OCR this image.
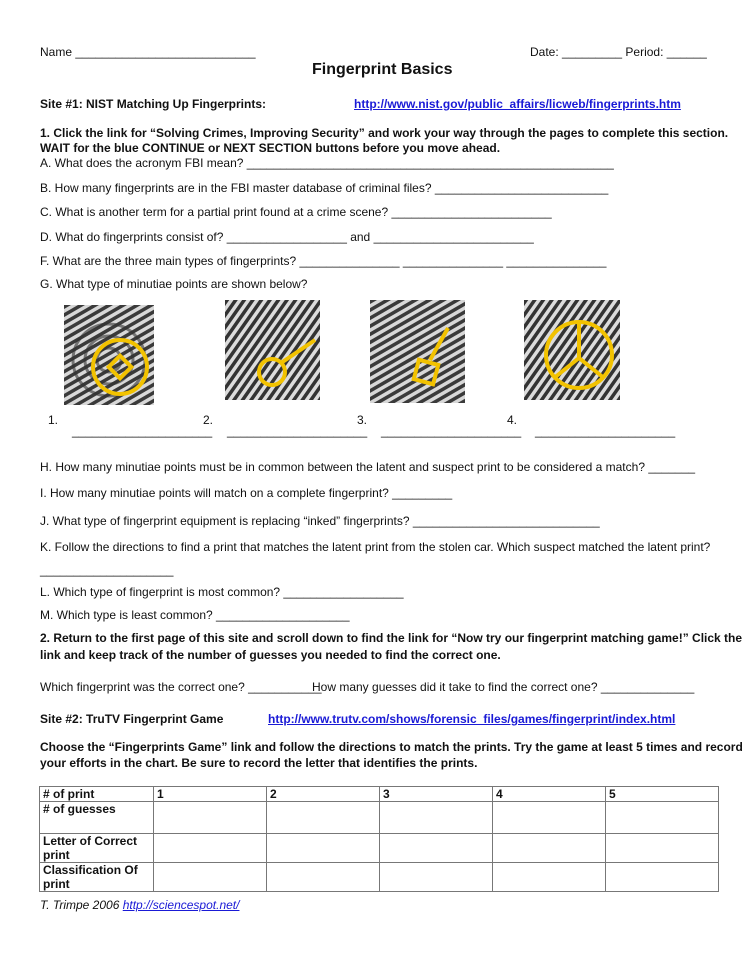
Name ___________________________	Date: _________ Period: ______
Fingerprint Basics
Site #1: NIST Matching Up Fingerprints:	http://www.nist.gov/public_affairs/licweb/fingerprints.htm
1. Click the link for “Solving Crimes, Improving Security” and work your way through the pages to complete this section.
WAIT for the blue CONTINUE or NEXT SECTION buttons before you move ahead.
A. What does the acronym FBI mean? _______________________________________________________
B. How many fingerprints are in the FBI master database of criminal files? __________________________
C. What is another term for a partial print found at a crime scene? ________________________
D. What do fingerprints consist of? __________________ and ________________________
F. What are the three main types of fingerprints? _______________ _______________ _______________
G. What type of minutiae points are shown below?
1.	2.	3.	4.
_____________________ _____________________ _____________________ _____________________
H. How many minutiae points must be in common between the latent and suspect print to be considered a match? _______
I. How many minutiae points will match on a complete fingerprint? _________
J. What type of fingerprint equipment is replacing “inked” fingerprints? ____________________________
K. Follow the directions to find a print that matches the latent print from the stolen car. Which suspect matched the latent print?
____________________
L. Which type of fingerprint is most common? __________________
M. Which type is least common? ____________________
2. Return to the first page of this site and scroll down to find the link for “Now try our fingerprint matching game!” Click the
link and keep track of the number of guesses you needed to find the correct one.
Which fingerprint was the correct one? ___________
How many guesses did it take to find the correct one? ______________
Site #2: TruTV Fingerprint Game	http://www.trutv.com/shows/forensic_files/games/fingerprint/index.html
Choose the “Fingerprints Game” link and follow the directions to match the prints. Try the game at least 5 times and record
your efforts in the chart. Be sure to record the letter that identifies the prints.
# of print	1	2	3	4	5
# of guesses					
Letter of Correct print					
Classification Of print					
T. Trimpe 2006 http://sciencespot.net/
